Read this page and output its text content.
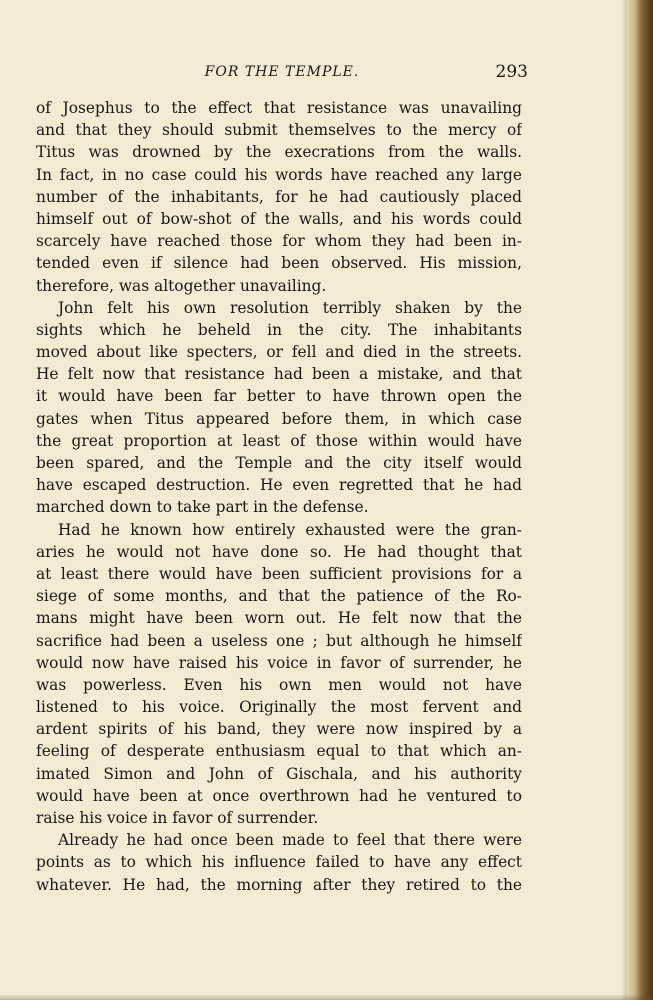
FOR THE TEMPLE.	293
of Josephus to the effect that resistance was unavailing
and that they should submit themselves to the mercy of
Titus was drowned by the execrations from the walls.
In fact, in no case could his words have reached any large
number of the inhabitants, for he had cautiously placed
himself out of bow-shot of the walls, and his words could
scarcely have reached those for whom they had been in-
tended even if silence had been observed. His mission,
therefore, was altogether unavailing.
John felt his own resolution terribly shaken by the
sights which he beheld in the city. The inhabitants
moved about like specters, or fell and died in the streets.
He felt now that resistance had been a mistake, and that
it would have been far better to have thrown open the
gates when Titus appeared before them, in which case
the great proportion at least of those within would have
been spared, and the Temple and the city itself would
have escaped destruction. He even regretted that he had
marched down to take part in the defense.
Had he known how entirely exhausted were the gran-
aries he would not have done so. He had thought that
at least there would have been sufficient provisions for a
siege of some months, and that the patience of the Ro-
mans might have been worn out. He felt now that the
sacrifice had been a useless one ; but although he himself
would now have raised his voice in favor of surrender, he
was powerless. Even his own men would not have
listened to his voice. Originally the most fervent and
ardent spirits of his band, they were now inspired by a
feeling of desperate enthusiasm equal to that which an-
imated Simon and John of Gischala, and his authority
would have been at once overthrown had he ventured to
raise his voice in favor of surrender.
Already he had once been made to feel that there were
points as to which his influence failed to have any effect
whatever. He had, the morning after they retired to the
